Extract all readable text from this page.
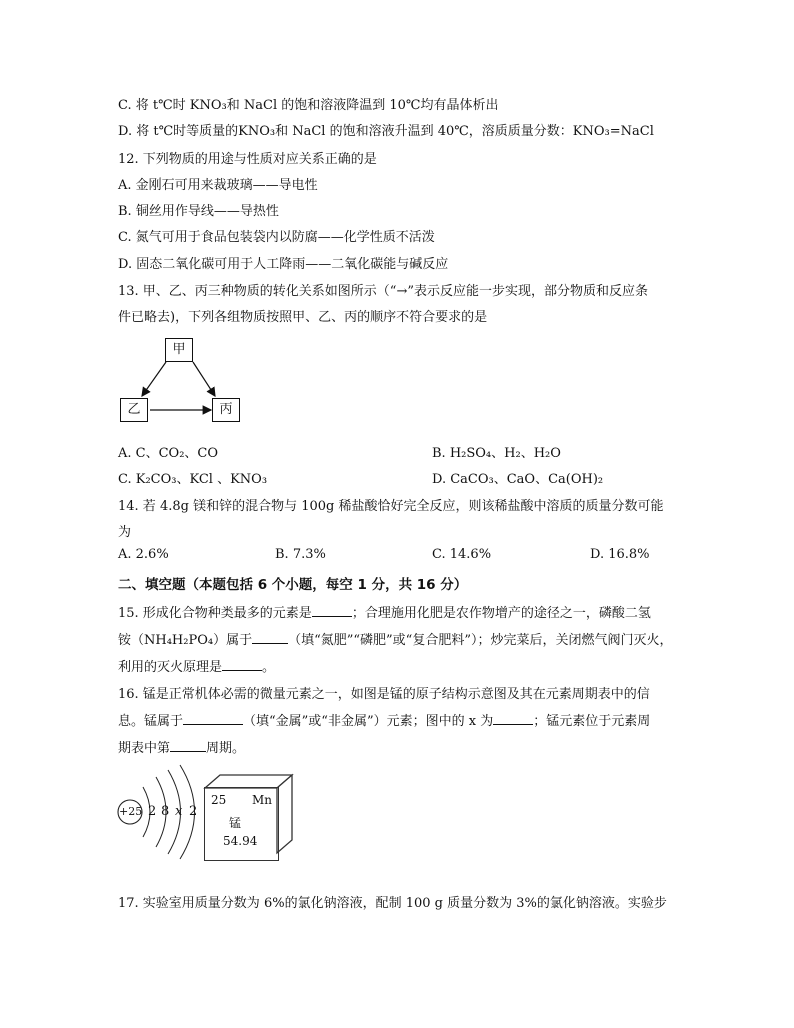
C. 将 t℃时 KNO₃和 NaCl 的饱和溶液降温到 10℃均有晶体析出
D. 将 t℃时等质量的KNO₃和 NaCl 的饱和溶液升温到 40℃，溶质质量分数：KNO₃=NaCl
12. 下列物质的用途与性质对应关系正确的是
A. 金刚石可用来裁玻璃——导电性
B. 铜丝用作导线——导热性
C. 氮气可用于食品包装袋内以防腐——化学性质不活泼
D. 固态二氧化碳可用于人工降雨——二氧化碳能与碱反应
13. 甲、乙、丙三种物质的转化关系如图所示（“→”表示反应能一步实现，部分物质和反应条
件已略去)，下列各组物质按照甲、乙、丙的顺序不符合要求的是
甲
乙	丙
A. C、CO₂、CO	B. H₂SO₄、H₂、H₂O
C. K₂CO₃、KCl 、KNO₃	D. CaCO₃、CaO、Ca(OH)₂
14. 若 4.8g 镁和锌的混合物与 100g 稀盐酸恰好完全反应，则该稀盐酸中溶质的质量分数可能
为
A. 2.6%	B. 7.3%	C. 14.6%	D. 16.8%
二、填空题（本题包括 6 个小题，每空 1 分，共 16 分）
15. 形成化合物种类最多的元素是	；合理施用化肥是农作物增产的途径之一，磷酸二氢
铵（NH₄H₂PO₄）属于	（填“氮肥”“磷肥”或“复合肥料”）；炒完菜后，关闭燃气阀门灭火，
利用的灭火原理是	。
16. 锰是正常机体必需的微量元素之一，如图是锰的原子结构示意图及其在元素周期表中的信
息。锰属于	（填“金属”或“非金属”）元素；图中的 x 为	；锰元素位于元素周
期表中第	周期。
+25 2 8 x 2
25 Mn
锰
54.94
17. 实验室用质量分数为 6%的氯化钠溶液，配制 100 g 质量分数为 3%的氯化钠溶液。实验步
